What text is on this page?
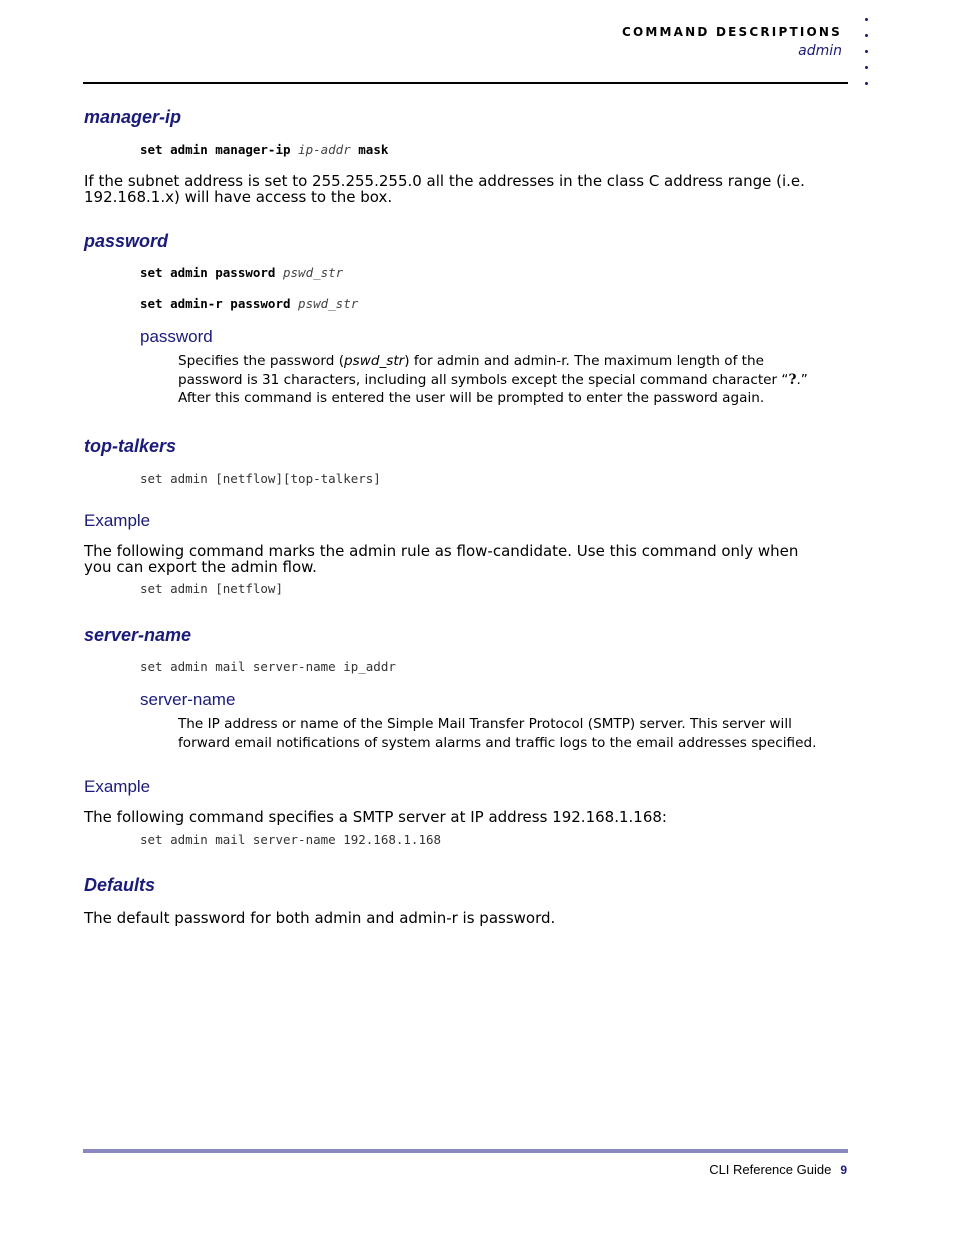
COMMAND DESCRIPTIONS
admin
manager-ip
set admin manager-ip ip-addr mask
If the subnet address is set to 255.255.255.0 all the addresses in the class C address range (i.e.
192.168.1.x) will have access to the box.
password
set admin password pswd_str
set admin-r password pswd_str
password
Specifies the password (pswd_str) for admin and admin-r. The maximum length of the
password is 31 characters, including all symbols except the special command character “?.”
After this command is entered the user will be prompted to enter the password again.
top-talkers
set admin [netflow][top-talkers]
Example
The following command marks the admin rule as flow-candidate. Use this command only when
you can export the admin flow.
set admin [netflow]
server-name
set admin mail server-name ip_addr
server-name
The IP address or name of the Simple Mail Transfer Protocol (SMTP) server. This server will
forward email notifications of system alarms and traffic logs to the email addresses specified.
Example
The following command specifies a SMTP server at IP address 192.168.1.168:
set admin mail server-name 192.168.1.168
Defaults
The default password for both admin and admin-r is password.
CLI Reference Guide 9
